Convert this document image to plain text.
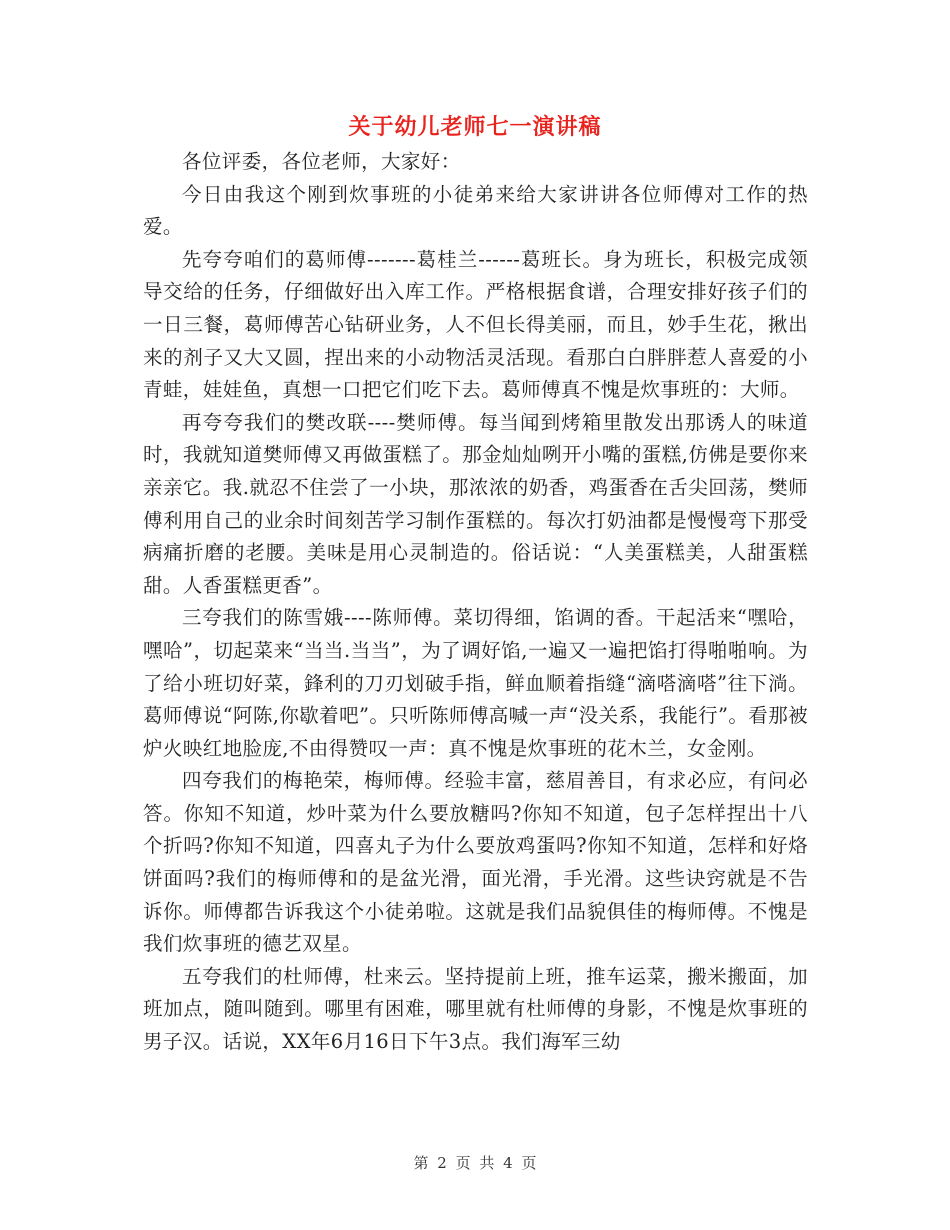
关于幼儿老师七一演讲稿

各位评委，各位老师，大家好：

今日由我这个刚到炊事班的小徒弟来给大家讲讲各位师傅对工作的热爱。

先夸夸咱们的葛师傅-------葛桂兰------葛班长。身为班长，积极完成领导交给的任务，仔细做好出入库工作。严格根据食谱，合理安排好孩子们的一日三餐，葛师傅苦心钻研业务，人不但长得美丽，而且，妙手生花，揪出来的剂子又大又圆，捏出来的小动物活灵活现。看那白白胖胖惹人喜爱的小青蛙，娃娃鱼，真想一口把它们吃下去。葛师傅真不愧是炊事班的：大师。

再夸夸我们的樊改联----樊师傅。每当闻到烤箱里散发出那诱人的味道时，我就知道樊师傅又再做蛋糕了。那金灿灿咧开小嘴的蛋糕,仿佛是要你来亲亲它。我.就忍不住尝了一小块，那浓浓的奶香，鸡蛋香在舌尖回荡，樊师傅利用自己的业余时间刻苦学习制作蛋糕的。每次打奶油都是慢慢弯下那受病痛折磨的老腰。美味是用心灵制造的。俗话说：“人美蛋糕美，人甜蛋糕甜。人香蛋糕更香”。

三夸我们的陈雪娥----陈师傅。菜切得细，馅调的香。干起活来“嘿哈，嘿哈”，切起菜来“当当.当当”，为了调好馅,一遍又一遍把馅打得啪啪响。为了给小班切好菜，鋒利的刀刃划破手指，鲜血顺着指缝“滴嗒滴嗒”往下淌。葛师傅说“阿陈,你歇着吧”。只听陈师傅高喊一声“没关系，我能行”。看那被炉火映红地脸庞,不由得赞叹一声：真不愧是炊事班的花木兰，女金刚。

四夸我们的梅艳荣，梅师傅。经验丰富，慈眉善目，有求必应，有问必答。你知不知道，炒叶菜为什么要放糖吗?你知不知道，包子怎样捏出十八个折吗?你知不知道，四喜丸子为什么要放鸡蛋吗?你知不知道，怎样和好烙饼面吗?我们的梅师傅和的是盆光滑，面光滑，手光滑。这些诀窍就是不告诉你。师傅都告诉我这个小徒弟啦。这就是我们品貌俱佳的梅师傅。不愧是我们炊事班的德艺双星。

五夸我们的杜师傅，杜来云。坚持提前上班，推车运菜，搬米搬面，加班加点，随叫随到。哪里有困难，哪里就有杜师傅的身影，不愧是炊事班的男子汉。话说，XX年6月16日下午3点。我们海军三幼

第 2 页 共 4 页
